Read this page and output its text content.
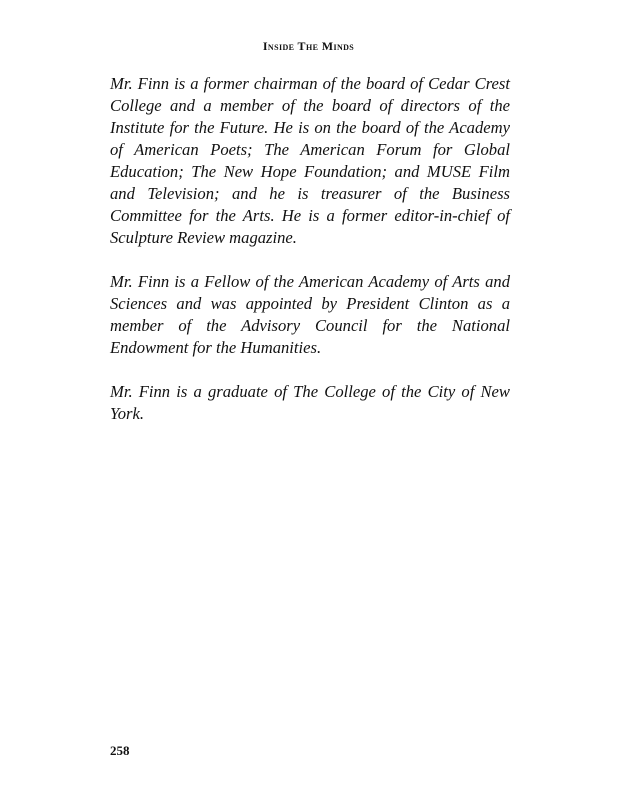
Inside The Minds

Mr. Finn is a former chairman of the board of Cedar Crest College and a member of the board of directors of the Institute for the Future. He is on the board of the Academy of American Poets; The American Forum for Global Education; The New Hope Foundation; and MUSE Film and Television; and he is treasurer of the Business Committee for the Arts. He is a former editor-in-chief of Sculpture Review magazine.

Mr. Finn is a Fellow of the American Academy of Arts and Sciences and was appointed by President Clinton as a member of the Advisory Council for the National Endowment for the Humanities.

Mr. Finn is a graduate of The College of the City of New York.

258
